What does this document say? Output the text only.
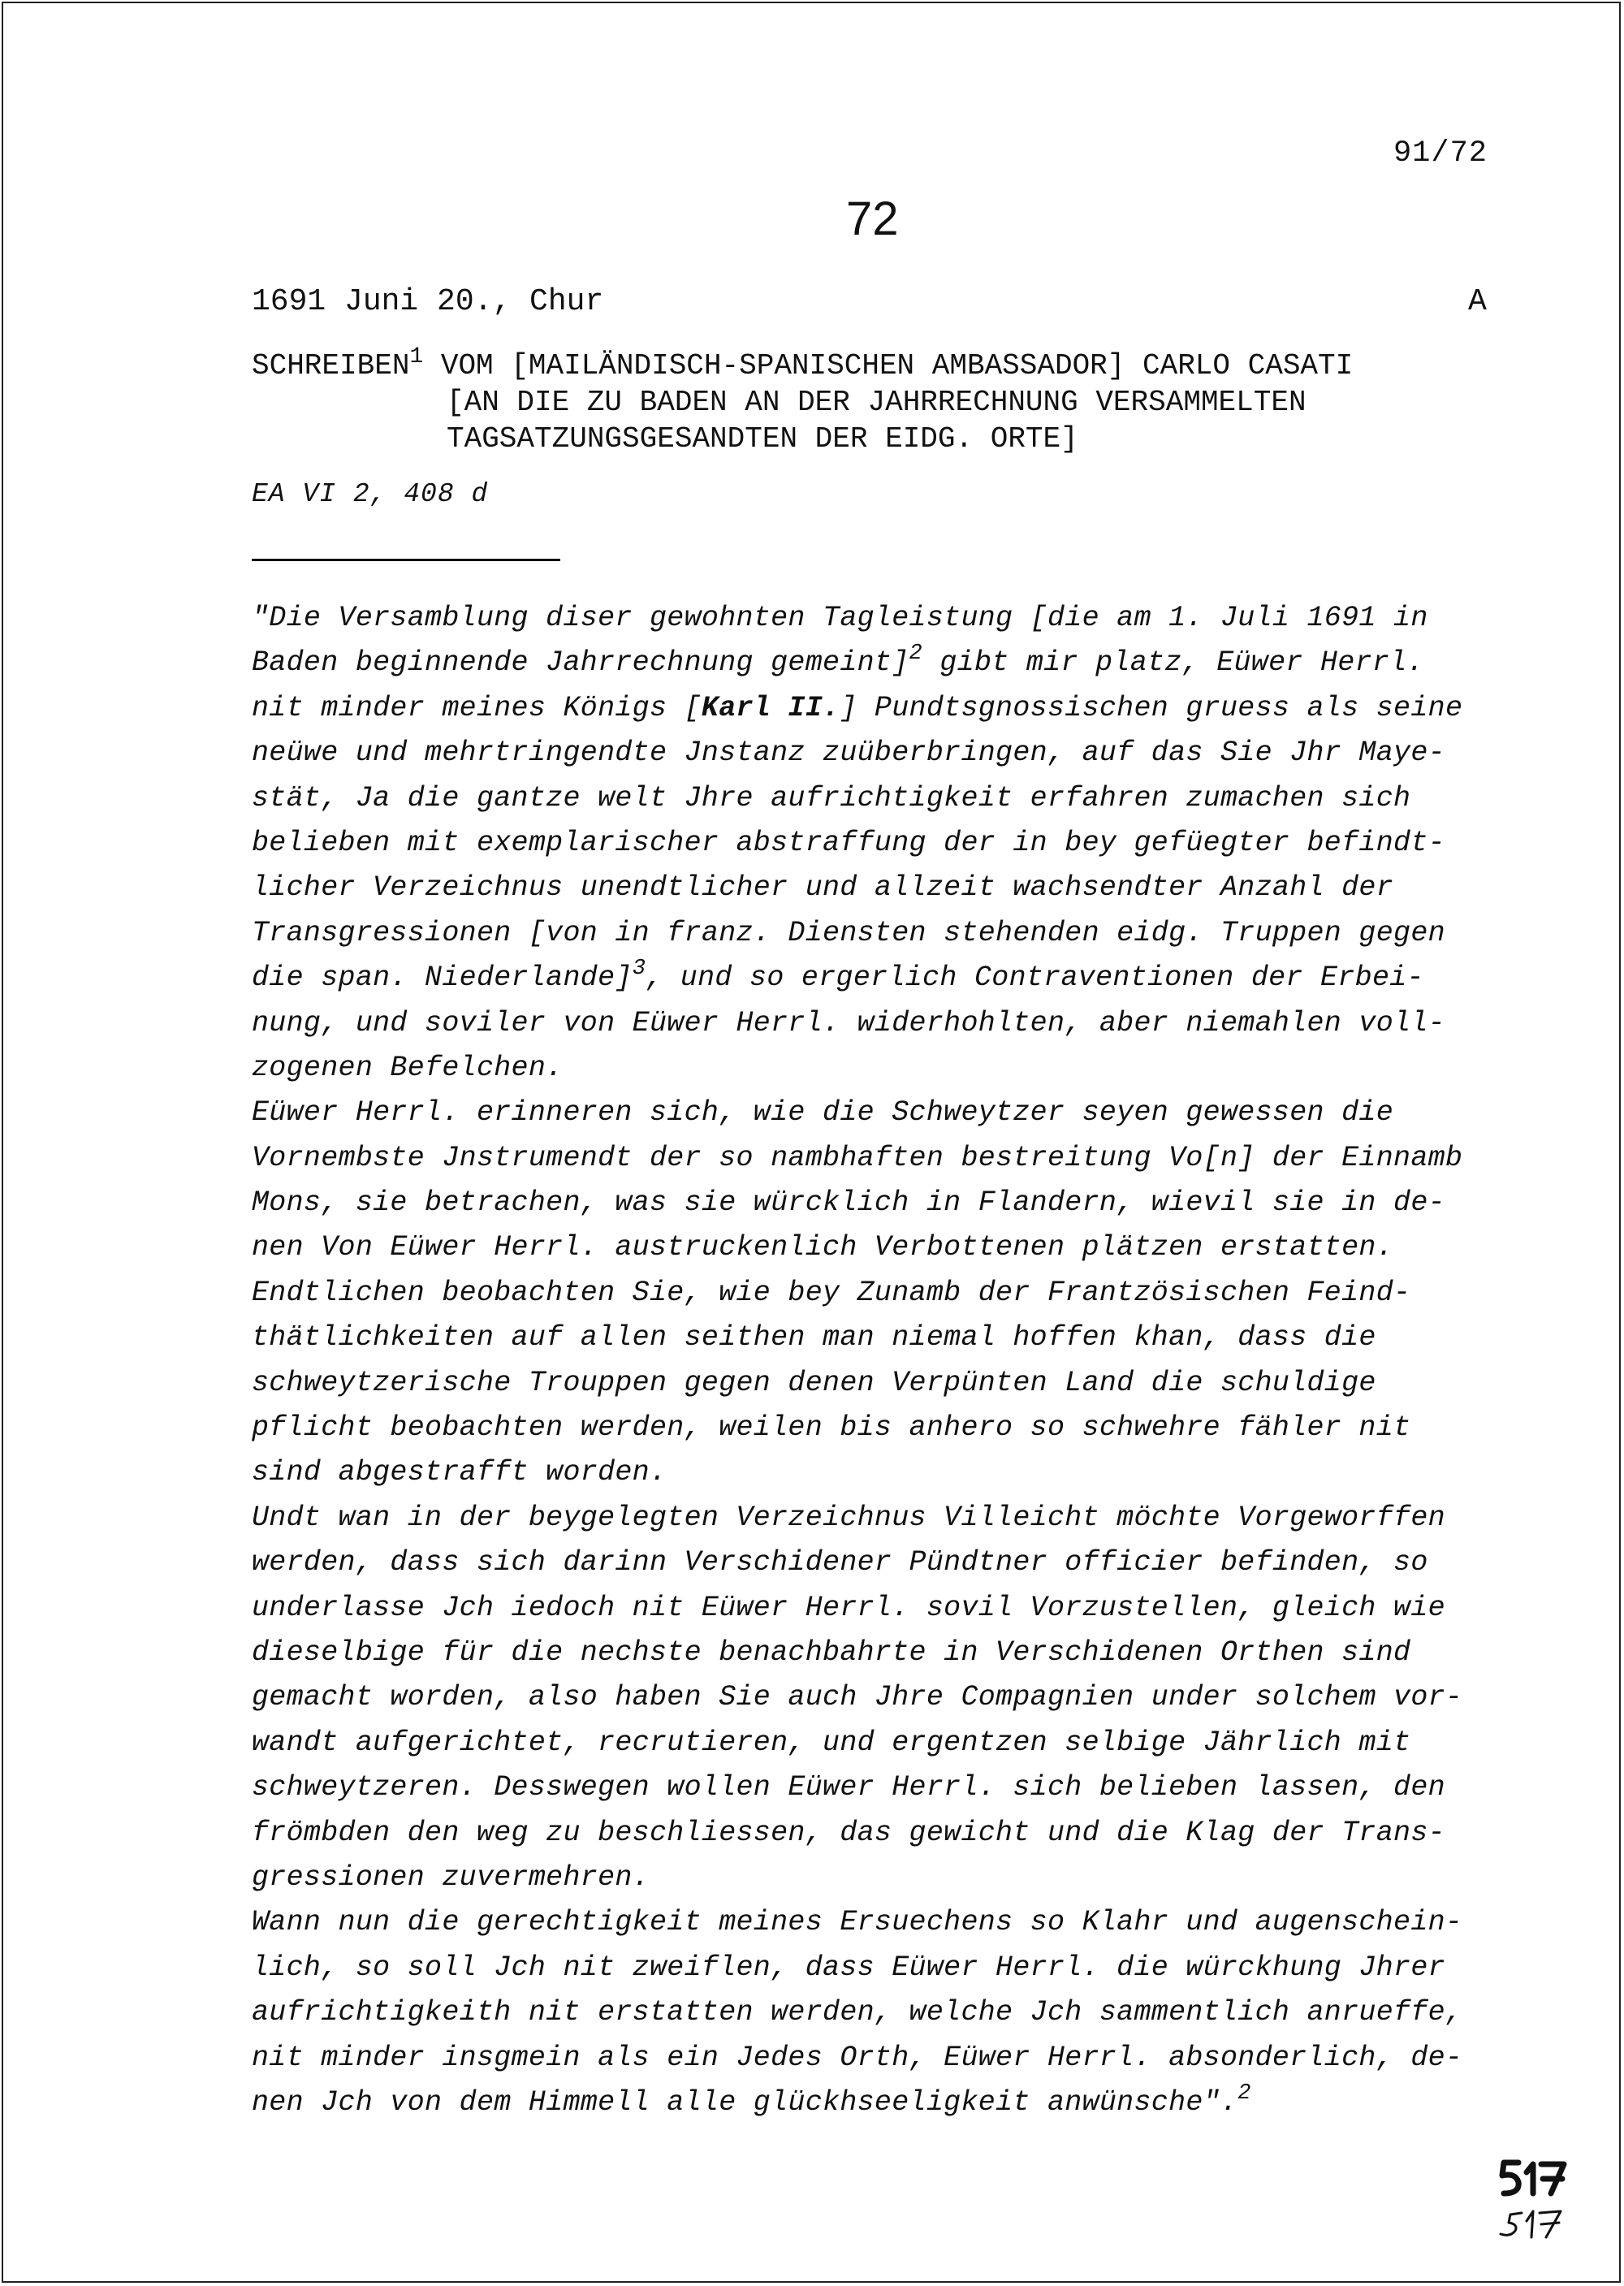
91/72
72
1691 Juni 20., Chur	A
SCHREIBEN$^1$ VOM [MAILÄNDISCH-SPANISCHEN AMBASSADOR] CARLO CASATI
[AN DIE ZU BADEN AN DER JAHRRECHNUNG VERSAMMELTEN
TAGSATZUNGSGESANDTEN DER EIDG. ORTE]
EA VI 2, 408 d
"Die Versamblung diser gewohnten Tagleistung [die am 1. Juli 1691 in
Baden beginnende Jahrrechnung gemeint]$^2$ gibt mir platz, Eüwer Herrl.
nit minder meines Königs [Karl II.] Pundtsgnossischen gruess als seine
neüwe und mehrtringendte Jnstanz zuüberbringen, auf das Sie Jhr Maye-
stät, Ja die gantze welt Jhre aufrichtigkeit erfahren zumachen sich
belieben mit exemplarischer abstraffung der in bey gefüegter befindt-
licher Verzeichnus unendtlicher und allzeit wachsendter Anzahl der
Transgressionen [von in franz. Diensten stehenden eidg. Truppen gegen
die span. Niederlande]$^3$, und so ergerlich Contraventionen der Erbei-
nung, und soviler von Eüwer Herrl. widerhohlten, aber niemahlen voll-
zogenen Befelchen.
Eüwer Herrl. erinneren sich, wie die Schweytzer seyen gewessen die
Vornembste Jnstrumendt der so nambhaften bestreitung Vo[n] der Einnamb
Mons, sie betrachen, was sie würcklich in Flandern, wievil sie in de-
nen Von Eüwer Herrl. austruckenlich Verbottenen plätzen erstatten.
Endtlichen beobachten Sie, wie bey Zunamb der Frantzösischen Feind-
thätlichkeiten auf allen seithen man niemal hoffen khan, dass die
schweytzerische Trouppen gegen denen Verpünten Land die schuldige
pflicht beobachten werden, weilen bis anhero so schwehre fähler nit
sind abgestrafft worden.
Undt wan in der beygelegten Verzeichnus Villeicht möchte Vorgeworffen
werden, dass sich darinn Verschidener Pündtner officier befinden, so
underlasse Jch iedoch nit Eüwer Herrl. sovil Vorzustellen, gleich wie
dieselbige für die nechste benachbahrte in Verschidenen Orthen sind
gemacht worden, also haben Sie auch Jhre Compagnien under solchem vor-
wandt aufgerichtet, recrutieren, und ergentzen selbige Jährlich mit
schweytzeren. Desswegen wollen Eüwer Herrl. sich belieben lassen, den
frömbden den weg zu beschliessen, das gewicht und die Klag der Trans-
gressionen zuvermehren.
Wann nun die gerechtigkeit meines Ersuechens so Klahr und augenschein-
lich, so soll Jch nit zweiflen, dass Eüwer Herrl. die würckhung Jhrer
aufrichtigkeith nit erstatten werden, welche Jch sammentlich anrueffe,
nit minder insgmein als ein Jedes Orth, Eüwer Herrl. absonderlich, de-
nen Jch von dem Himmell alle glückhseeligkeit anwünsche".$^2$
